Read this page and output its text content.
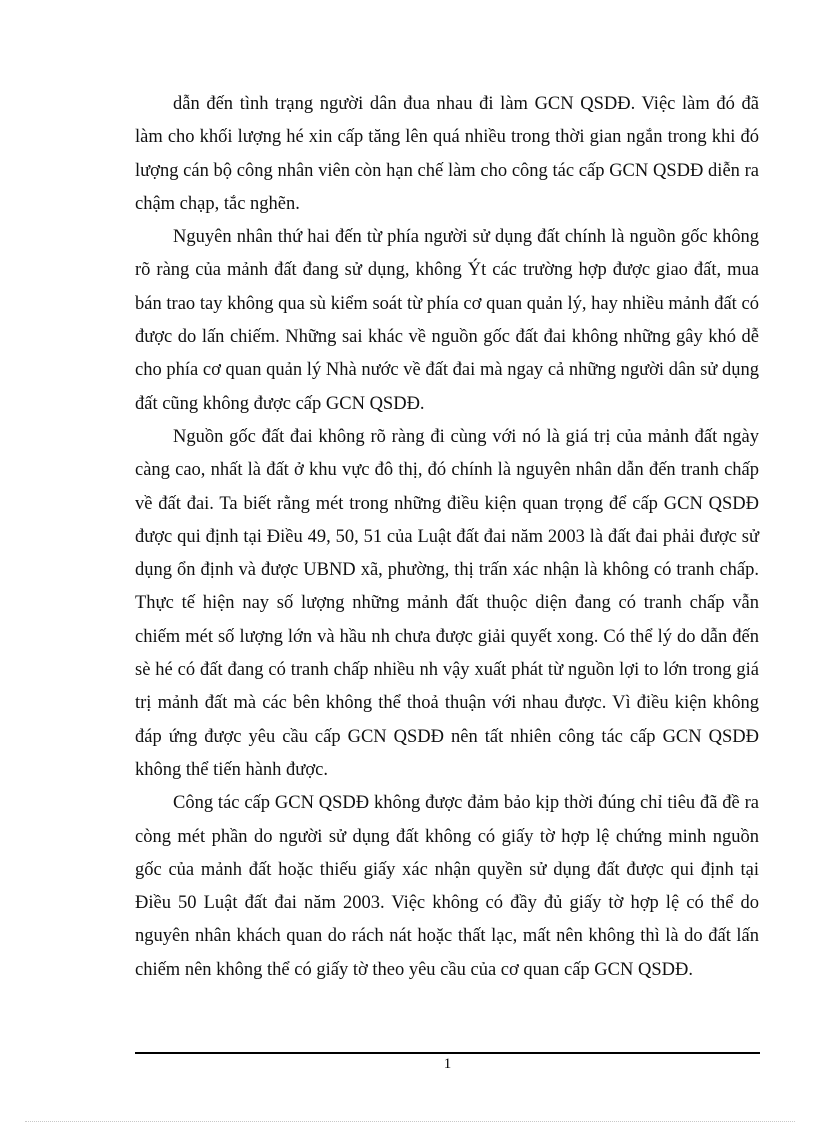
dẫn đến tình trạng người dân đua nhau đi làm GCN QSDĐ. Việc làm đó đã làm cho khối lượng hé xin cấp tăng lên quá nhiều trong thời gian ngắn trong khi đó lượng cán bộ công nhân viên còn hạn chế làm cho công tác cấp GCN QSDĐ diễn ra chậm chạp, tắc nghẽn.

Nguyên nhân thứ hai đến từ phía người sử dụng đất chính là nguồn gốc không rõ ràng của mảnh đất đang sử dụng, không Ýt các trường hợp được giao đất, mua bán trao tay không qua sù kiểm soát từ phía cơ quan quản lý, hay nhiều mảnh đất có được do lấn chiếm. Những sai khác về nguồn gốc đất đai không những gây khó dễ cho phía cơ quan quản lý Nhà nước về đất đai mà ngay cả những người dân sử dụng đất cũng không được cấp GCN QSDĐ.

Nguồn gốc đất đai không rõ ràng đi cùng với nó là giá trị của mảnh đất ngày càng cao, nhất là đất ở khu vực đô thị, đó chính là nguyên nhân dẫn đến tranh chấp về đất đai. Ta biết rằng mét trong những điều kiện quan trọng để cấp GCN QSDĐ được qui định tại Điều 49, 50, 51 của Luật đất đai năm 2003 là đất đai phải được sử dụng ổn định và được UBND xã, phường, thị trấn xác nhận là không có tranh chấp. Thực tế hiện nay số lượng những mảnh đất thuộc diện đang có tranh chấp vẫn chiếm mét số lượng lớn và hầu nh chưa được giải quyết xong. Có thể lý do dẫn đến sè hé có đất đang có tranh chấp nhiều nh vậy xuất phát từ nguồn lợi to lớn trong giá trị mảnh đất mà các bên không thể thoả thuận với nhau được. Vì điều kiện không đáp ứng được yêu cầu cấp GCN QSDĐ nên tất nhiên công tác cấp GCN QSDĐ không thể tiến hành được.

Công tác cấp GCN QSDĐ không được đảm bảo kịp thời đúng chỉ tiêu đã đề ra còng mét phần do người sử dụng đất không có giấy tờ hợp lệ chứng minh nguồn gốc của mảnh đất hoặc thiếu giấy xác nhận quyền sử dụng đất được qui định tại Điều 50 Luật đất đai năm 2003. Việc không có đầy đủ giấy tờ hợp lệ có thể do nguyên nhân khách quan do rách nát hoặc thất lạc, mất nên không thì là do đất lấn chiếm nên không thể có giấy tờ theo yêu cầu của cơ quan cấp GCN QSDĐ.

1
